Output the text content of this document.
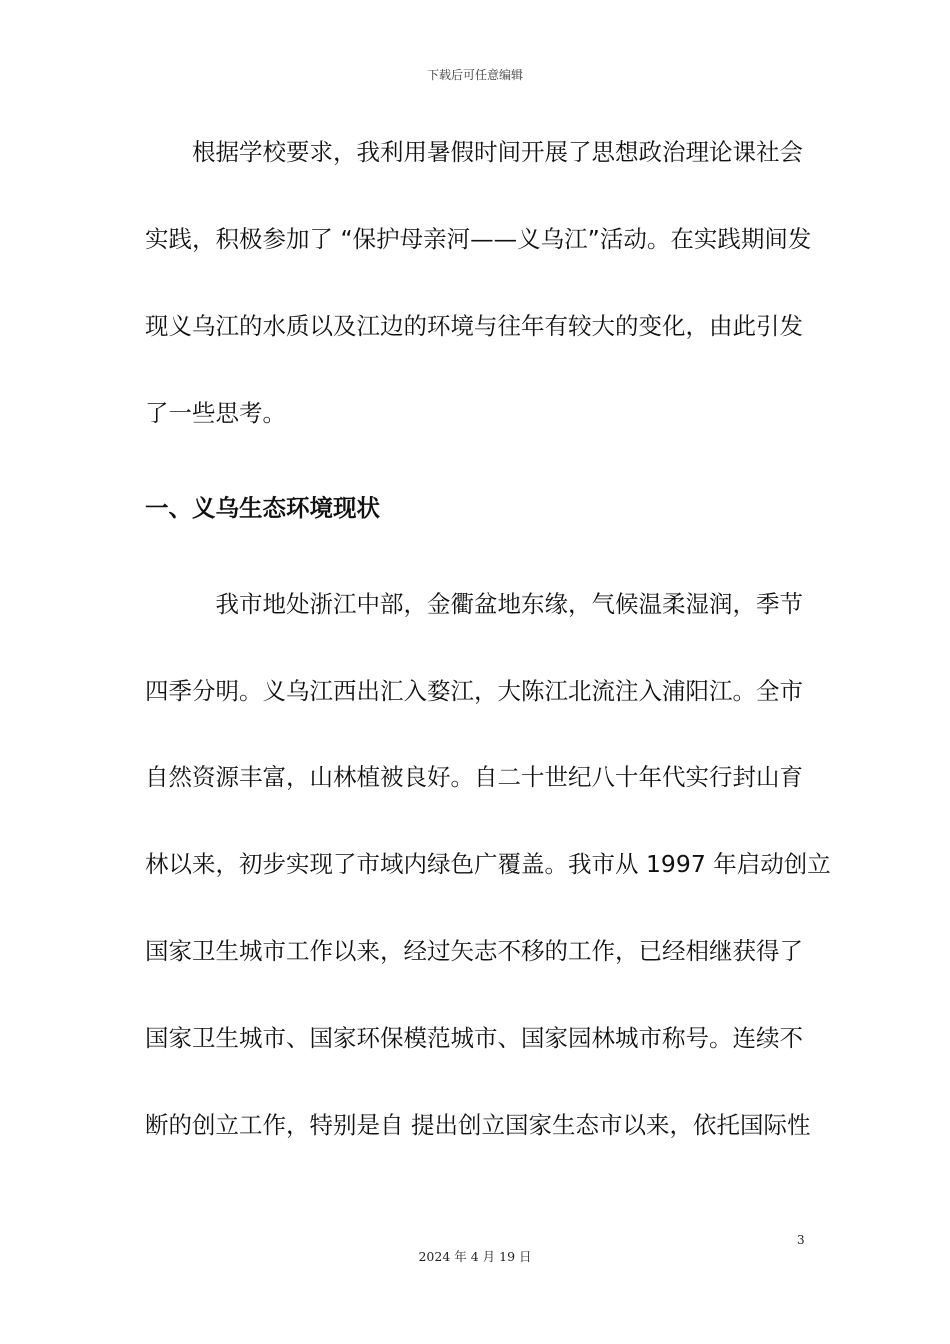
下载后可任意编辑
　　根据学校要求，我利用暑假时间开展了思想政治理论课社会
实践，积极参加了 “保护母亲河——义乌江”活动。在实践期间发
现义乌江的水质以及江边的环境与往年有较大的变化，由此引发
了一些思考。
一、义乌生态环境现状
　　　我市地处浙江中部，金衢盆地东缘，气候温柔湿润，季节
四季分明。义乌江西出汇入婺江，大陈江北流注入浦阳江。全市
自然资源丰富，山林植被良好。自二十世纪八十年代实行封山育
林以来，初步实现了市域内绿色广覆盖。我市从 1997 年启动创立
国家卫生城市工作以来，经过矢志不移的工作，已经相继获得了
国家卫生城市、国家环保模范城市、国家园林城市称号。连续不
断的创立工作，特别是自 提出创立国家生态市以来，依托国际性
3
2024 年 4 月 19 日
